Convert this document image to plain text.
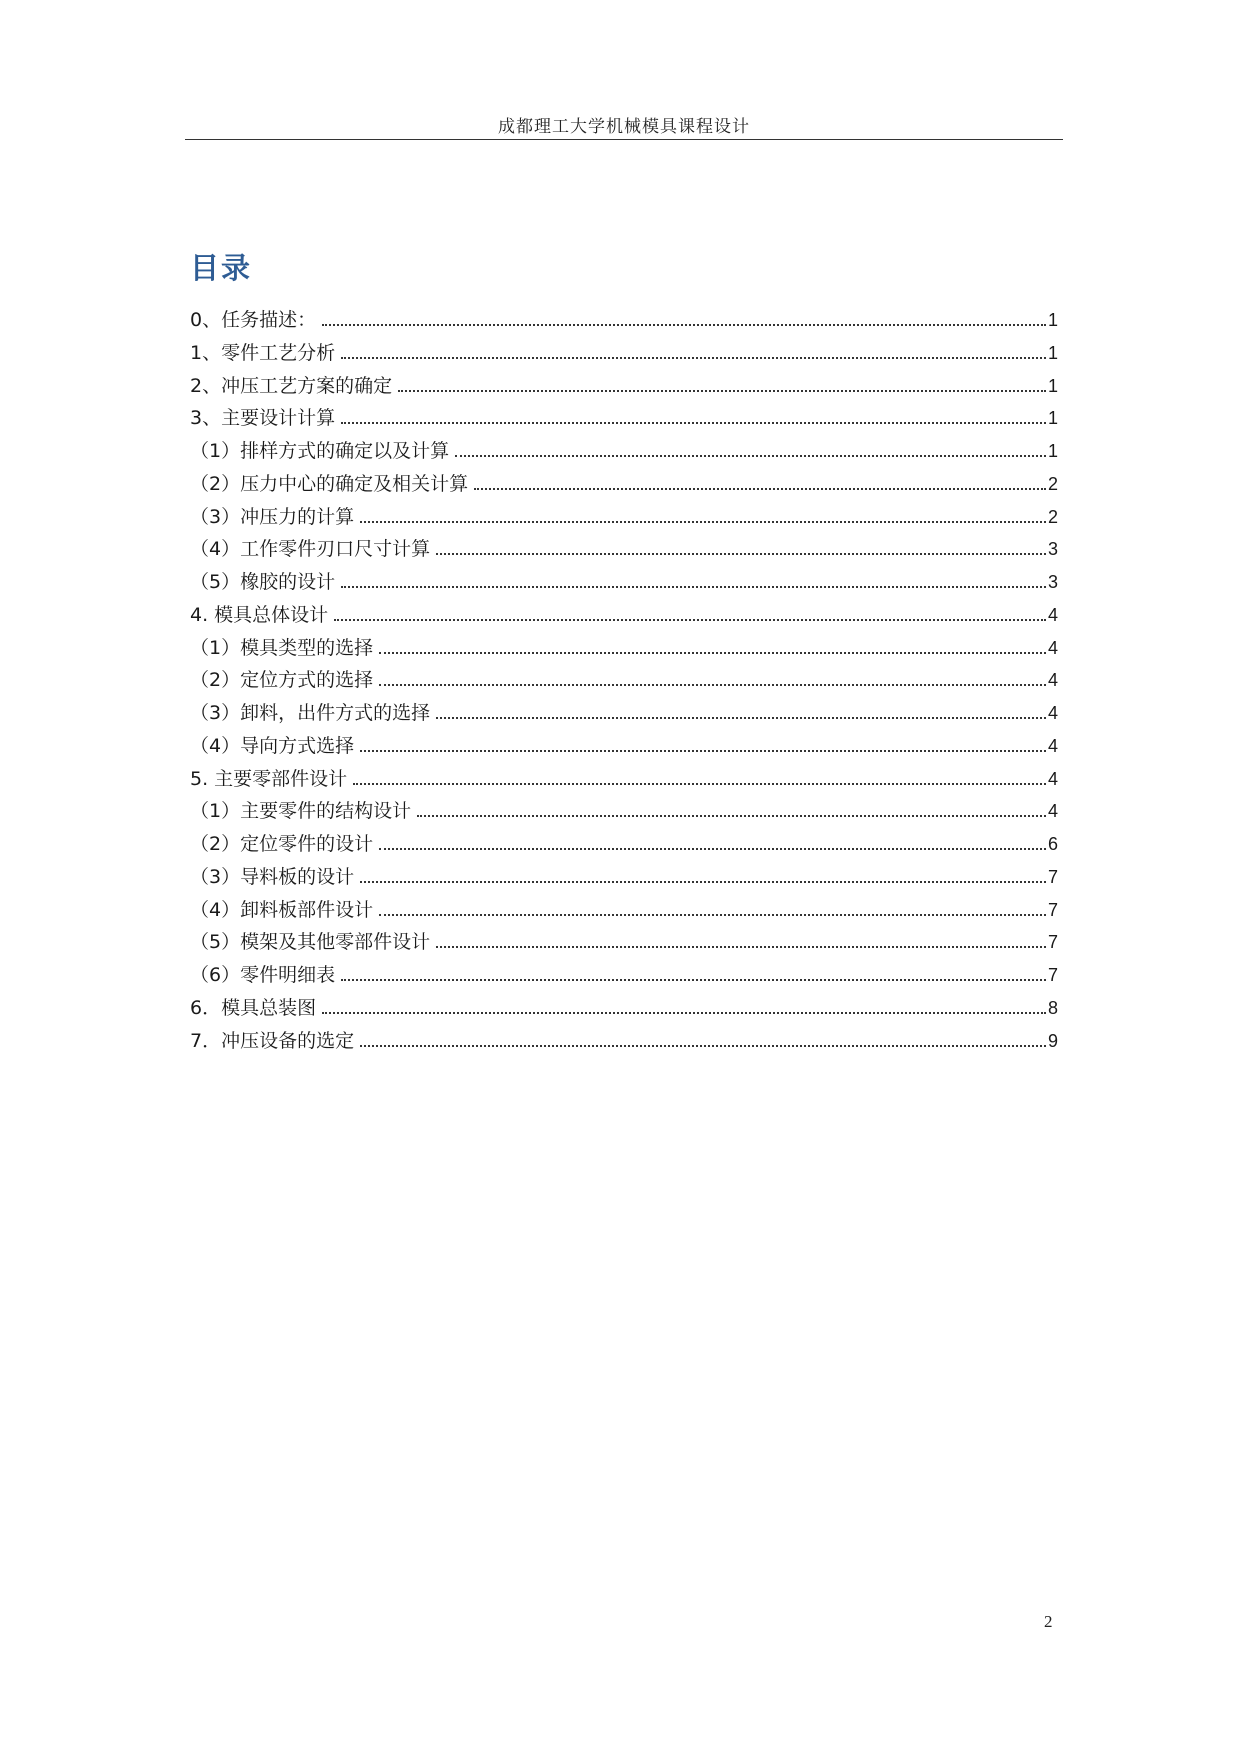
成都理工大学机械模具课程设计
目录
0、任务描述：	1
1、零件工艺分析	1
2、冲压工艺方案的确定	1
3、主要设计计算	1
（1）排样方式的确定以及计算	1
（2）压力中心的确定及相关计算	2
（3）冲压力的计算	2
（4）工作零件刃口尺寸计算	3
（5）橡胶的设计	3
4. 模具总体设计	4
（1）模具类型的选择	4
（2）定位方式的选择	4
（3）卸料，出件方式的选择	4
（4）导向方式选择	4
5. 主要零部件设计	4
（1）主要零件的结构设计	4
（2）定位零件的设计	6
（3）导料板的设计	7
（4）卸料板部件设计	7
（5）模架及其他零部件设计	7
（6）零件明细表	7
6．模具总装图	8
7．冲压设备的选定	9
2
